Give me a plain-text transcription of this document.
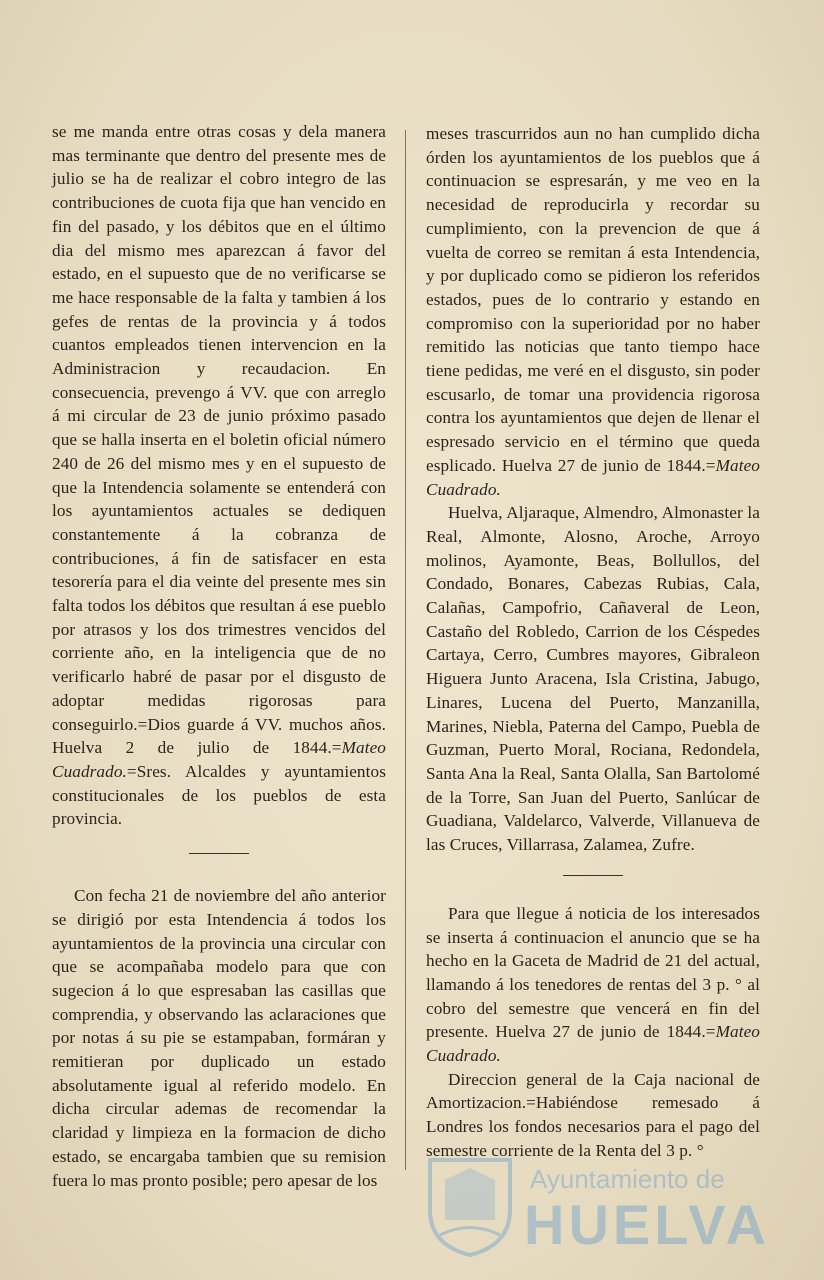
se me manda entre otras cosas y dela manera mas terminante que dentro del presente mes de julio se ha de realizar el cobro integro de las contribuciones de cuota fija que han vencido en fin del pasado, y los débitos que en el último dia del mismo mes aparezcan á favor del estado, en el supuesto que de no verificarse se me hace responsable de la falta y tambien á los gefes de rentas de la provincia y á todos cuantos empleados tienen intervencion en la Administracion y recaudacion. En consecuencia, prevengo á VV. que con arreglo á mi circular de 23 de junio próximo pasado que se halla inserta en el boletin oficial número 240 de 26 del mismo mes y en el supuesto de que la Intendencia solamente se entenderá con los ayuntamientos actuales se dediquen constantemente á la cobranza de contribuciones, á fin de satisfacer en esta tesorería para el dia veinte del presente mes sin falta todos los débitos que resultan á ese pueblo por atrasos y los dos trimestres vencidos del corriente año, en la inteligencia que de no verificarlo habré de pasar por el disgusto de adoptar medidas rigorosas para conseguirlo.=Dios guarde á VV. muchos años. Huelva 2 de julio de 1844.=Mateo Cuadrado.=Sres. Alcaldes y ayuntamientos constitucionales de los pueblos de esta provincia.

Con fecha 21 de noviembre del año anterior se dirigió por esta Intendencia á todos los ayuntamientos de la provincia una circular con que se acompañaba modelo para que con sugecion á lo que espresaban las casillas que comprendia, y observando las aclaraciones que por notas á su pie se estampaban, formáran y remitieran por duplicado un estado absolutamente igual al referido modelo. En dicha circular ademas de recomendar la claridad y limpieza en la formacion de dicho estado, se encargaba tambien que su remision fuera lo mas pronto posible; pero apesar de los

meses trascurridos aun no han cumplido dicha órden los ayuntamientos de los pueblos que á continuacion se espresarán, y me veo en la necesidad de reproducirla y recordar su cumplimiento, con la prevencion de que á vuelta de correo se remitan á esta Intendencia, y por duplicado como se pidieron los referidos estados, pues de lo contrario y estando en compromiso con la superioridad por no haber remitido las noticias que tanto tiempo hace tiene pedidas, me veré en el disgusto, sin poder escusarlo, de tomar una providencia rigorosa contra los ayuntamientos que dejen de llenar el espresado servicio en el término que queda esplicado. Huelva 27 de junio de 1844.=Mateo Cuadrado.

Huelva, Aljaraque, Almendro, Almonaster la Real, Almonte, Alosno, Aroche, Arroyo molinos, Ayamonte, Beas, Bollullos, del Condado, Bonares, Cabezas Rubias, Cala, Calañas, Campofrio, Cañaveral de Leon, Castaño del Robledo, Carrion de los Céspedes Cartaya, Cerro, Cumbres mayores, Gibraleon Higuera Junto Aracena, Isla Cristina, Jabugo, Linares, Lucena del Puerto, Manzanilla, Marines, Niebla, Paterna del Campo, Puebla de Guzman, Puerto Moral, Rociana, Redondela, Santa Ana la Real, Santa Olalla, San Bartolomé de la Torre, San Juan del Puerto, Sanlúcar de Guadiana, Valdelarco, Valverde, Villanueva de las Cruces, Villarrasa, Zalamea, Zufre.

Para que llegue á noticia de los interesados se inserta á continuacion el anuncio que se ha hecho en la Gaceta de Madrid de 21 del actual, llamando á los tenedores de rentas del 3 p. ° al cobro del semestre que vencerá en fin del presente. Huelva 27 de junio de 1844.=Mateo Cuadrado.

Direccion general de la Caja nacional de Amortizacion.=Habiéndose remesado á Londres los fondos necesarios para el pago del semestre corriente de la Renta del 3 p. °

Ayuntamiento de
HUELVA
